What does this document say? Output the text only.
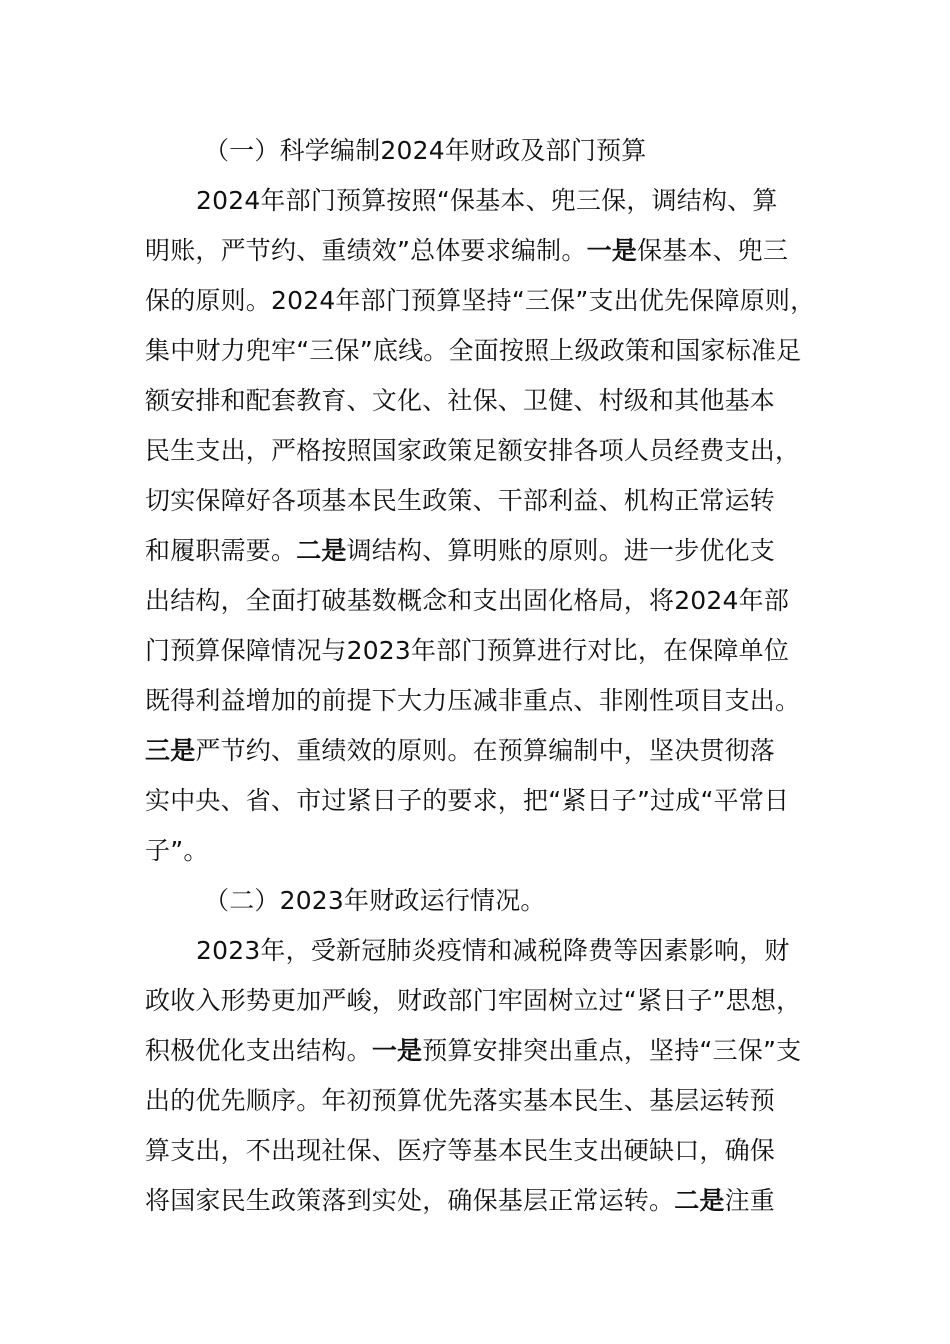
（一）科学编制2024年财政及部门预算
2024年部门预算按照“保基本、兜三保，调结构、算
明账，严节约、重绩效”总体要求编制。一是保基本、兜三
保的原则。2024年部门预算坚持“三保”支出优先保障原则，
集中财力兜牢“三保”底线。全面按照上级政策和国家标准足
额安排和配套教育、文化、社保、卫健、村级和其他基本
民生支出，严格按照国家政策足额安排各项人员经费支出，
切实保障好各项基本民生政策、干部利益、机构正常运转
和履职需要。二是调结构、算明账的原则。进一步优化支
出结构，全面打破基数概念和支出固化格局，将2024年部
门预算保障情况与2023年部门预算进行对比，在保障单位
既得利益增加的前提下大力压减非重点、非刚性项目支出。
三是严节约、重绩效的原则。在预算编制中，坚决贯彻落
实中央、省、市过紧日子的要求，把“紧日子”过成“平常日
子”。
（二）2023年财政运行情况。
2023年，受新冠肺炎疫情和减税降费等因素影响，财
政收入形势更加严峻，财政部门牢固树立过“紧日子”思想，
积极优化支出结构。一是预算安排突出重点，坚持“三保”支
出的优先顺序。年初预算优先落实基本民生、基层运转预
算支出，不出现社保、医疗等基本民生支出硬缺口，确保
将国家民生政策落到实处，确保基层正常运转。二是注重
